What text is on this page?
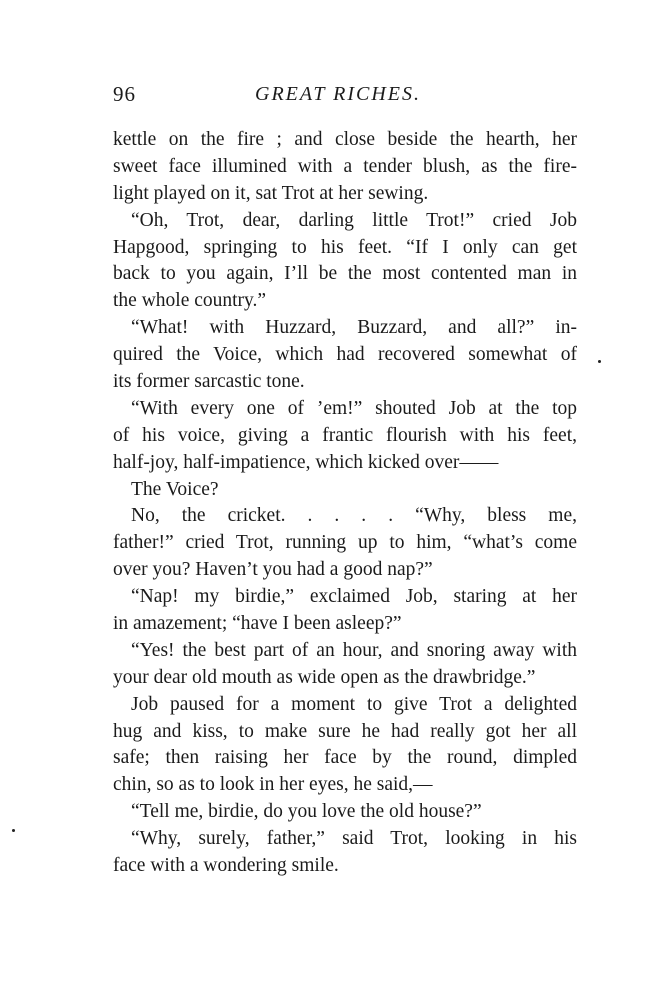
96	GREAT RICHES.
kettle on the fire ; and close beside the hearth, her
sweet face illumined with a tender blush, as the fire-
light played on it, sat Trot at her sewing.
“Oh, Trot, dear, darling little Trot!” cried Job
Hapgood, springing to his feet. “If I only can get
back to you again, I’ll be the most contented man in
the whole country.”
“What! with Huzzard, Buzzard, and all?” in-
quired the Voice, which had recovered somewhat of
its former sarcastic tone.
“With every one of ’em!” shouted Job at the top
of his voice, giving a frantic flourish with his feet,
half-joy, half-impatience, which kicked over——
The Voice?
No, the cricket. . . . . “Why, bless me,
father!” cried Trot, running up to him, “what’s come
over you? Haven’t you had a good nap?”
“Nap! my birdie,” exclaimed Job, staring at her
in amazement; “have I been asleep?”
“Yes! the best part of an hour, and snoring away with
your dear old mouth as wide open as the drawbridge.”
Job paused for a moment to give Trot a delighted
hug and kiss, to make sure he had really got her all
safe; then raising her face by the round, dimpled
chin, so as to look in her eyes, he said,—
“Tell me, birdie, do you love the old house?”
“Why, surely, father,” said Trot, looking in his
face with a wondering smile.
